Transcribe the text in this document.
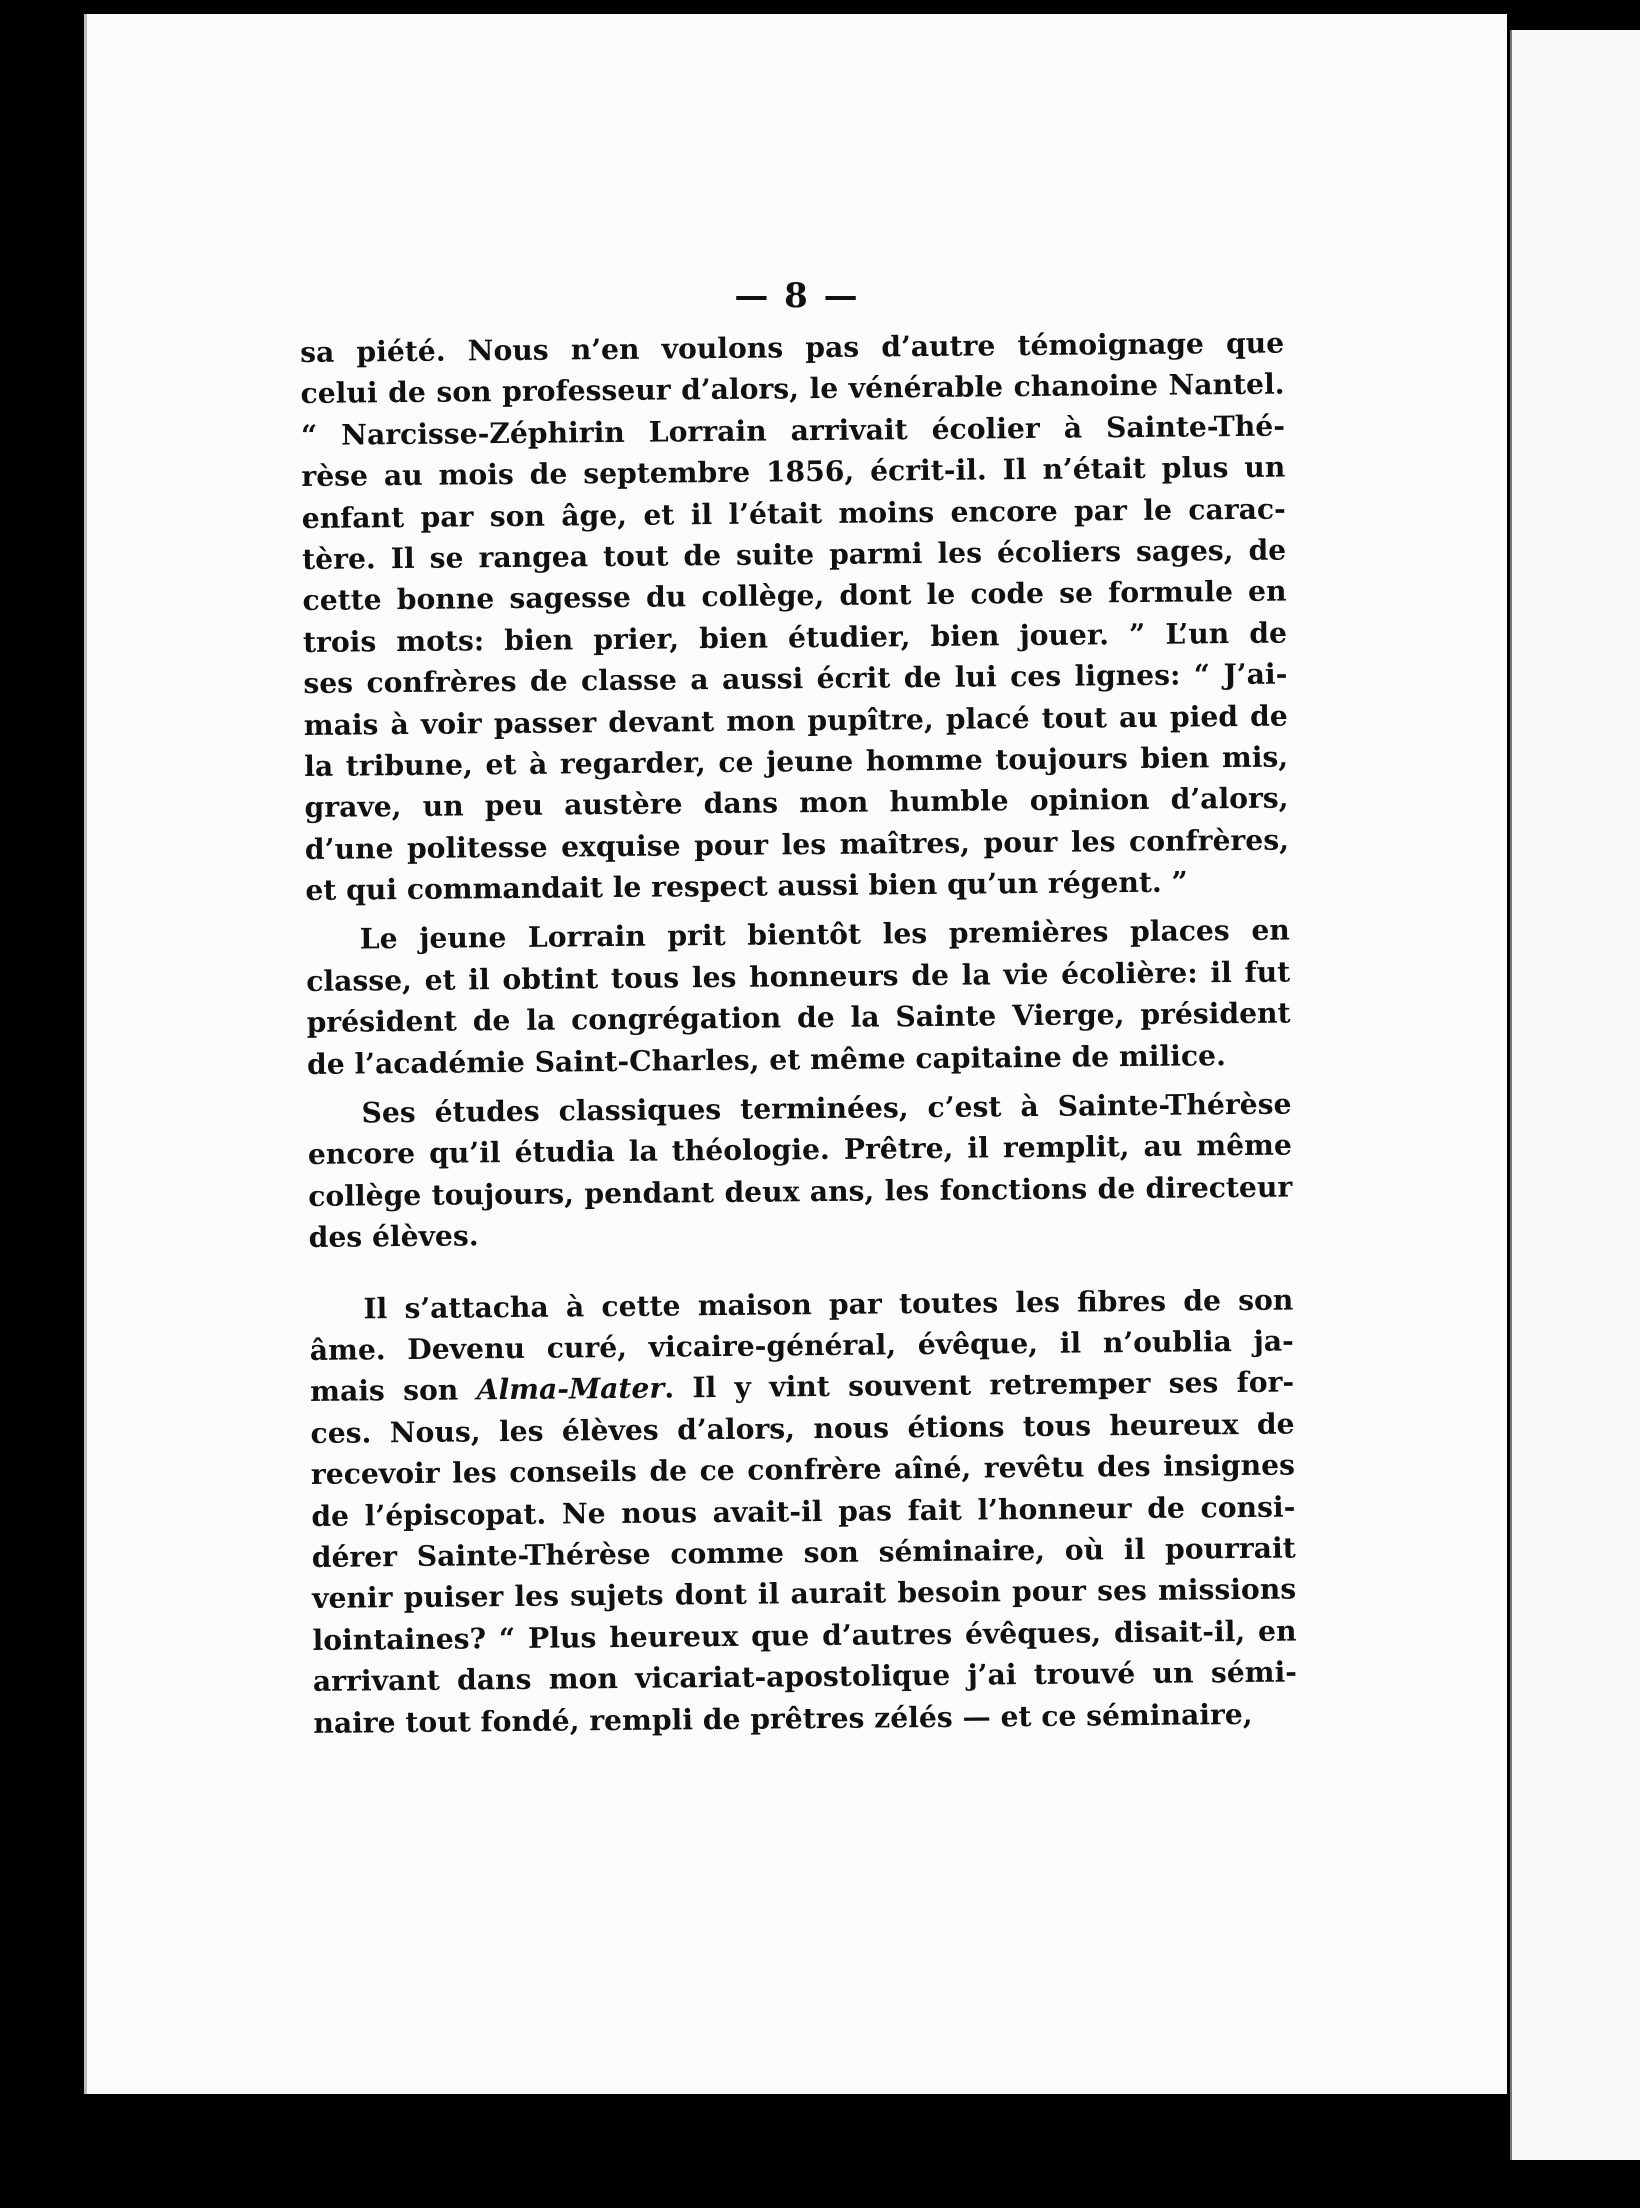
— 8 —
sa piété. Nous n’en voulons pas d’autre témoignage que
celui de son professeur d’alors, le vénérable chanoine Nantel.
“ Narcisse-Zéphirin Lorrain arrivait écolier à Sainte-Thé-
rèse au mois de septembre 1856, écrit-il. Il n’était plus un
enfant par son âge, et il l’était moins encore par le carac-
tère. Il se rangea tout de suite parmi les écoliers sages, de
cette bonne sagesse du collège, dont le code se formule en
trois mots: bien prier, bien étudier, bien jouer. ” L’un de
ses confrères de classe a aussi écrit de lui ces lignes: “ J’ai-
mais à voir passer devant mon pupître, placé tout au pied de
la tribune, et à regarder, ce jeune homme toujours bien mis,
grave, un peu austère dans mon humble opinion d’alors,
d’une politesse exquise pour les maîtres, pour les confrères,
et qui commandait le respect aussi bien qu’un régent. ”
Le jeune Lorrain prit bientôt les premières places en
classe, et il obtint tous les honneurs de la vie écolière: il fut
président de la congrégation de la Sainte Vierge, président
de l’académie Saint-Charles, et même capitaine de milice.
Ses études classiques terminées, c’est à Sainte-Thérèse
encore qu’il étudia la théologie. Prêtre, il remplit, au même
collège toujours, pendant deux ans, les fonctions de directeur
des élèves.
Il s’attacha à cette maison par toutes les fibres de son
âme. Devenu curé, vicaire-général, évêque, il n’oublia ja-
mais son Alma-Mater. Il y vint souvent retremper ses for-
ces. Nous, les élèves d’alors, nous étions tous heureux de
recevoir les conseils de ce confrère aîné, revêtu des insignes
de l’épiscopat. Ne nous avait-il pas fait l’honneur de consi-
dérer Sainte-Thérèse comme son séminaire, où il pourrait
venir puiser les sujets dont il aurait besoin pour ses missions
lointaines? “ Plus heureux que d’autres évêques, disait-il, en
arrivant dans mon vicariat-apostolique j’ai trouvé un sémi-
naire tout fondé, rempli de prêtres zélés — et ce séminaire,
